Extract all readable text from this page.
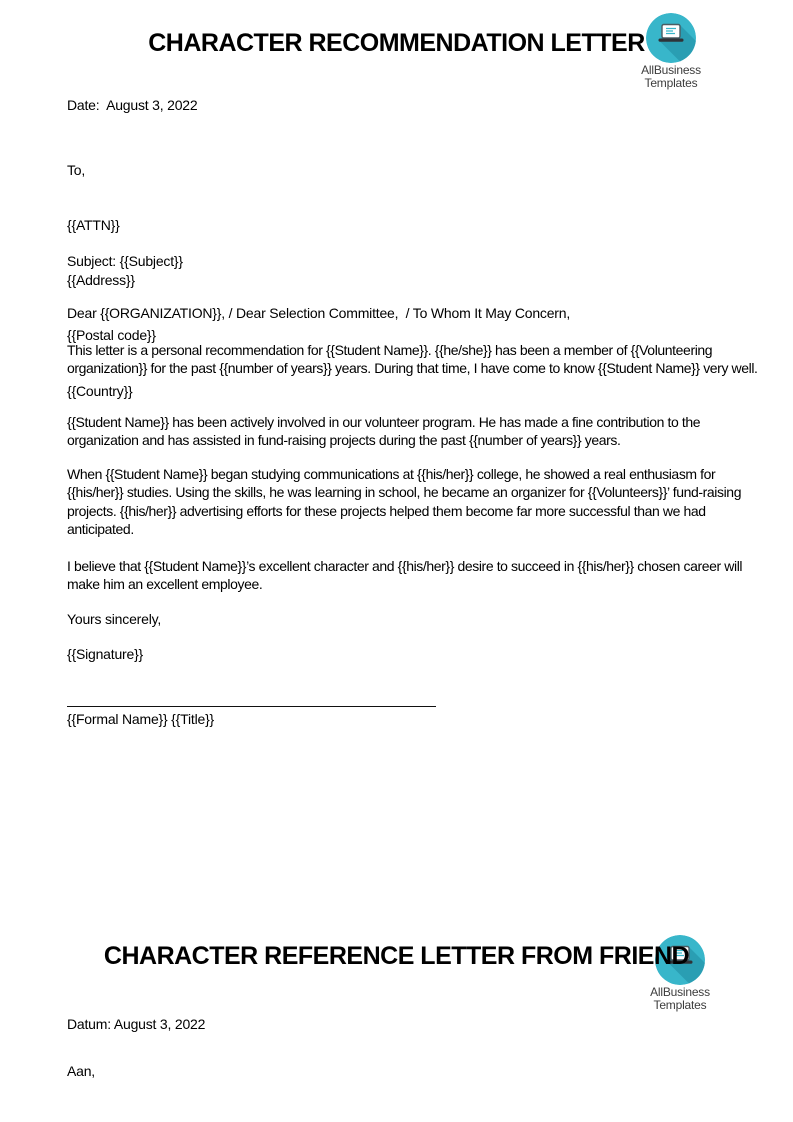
CHARACTER RECOMMENDATION LETTER
AllBusiness
Templates
Date:  August 3, 2022

To,

{{ATTN}}

{{Address}}

{{Postal code}}

{{Country}}

Subject: {{Subject}}
Dear {{ORGANIZATION}}, / Dear Selection Committee,  / To Whom It May Concern,
This letter is a personal recommendation for {{Student Name}}. {{he/she}} has been a member of {{Volunteering organization}} for the past {{number of years}} years. During that time, I have come to know {{Student Name}} very well.
{{Student Name}} has been actively involved in our volunteer program. He has made a fine contribution to the organization and has assisted in fund-raising projects during the past {{number of years}} years.
When {{Student Name}} began studying communications at {{his/her}} college, he showed a real enthusiasm for {{his/her}} studies. Using the skills, he was learning in school, he became an organizer for {{Volunteers}}’ fund-raising projects. {{his/her}} advertising efforts for these projects helped them become far more successful than we had anticipated.
I believe that {{Student Name}}’s excellent character and {{his/her}} desire to succeed in {{his/her}} chosen career will make him an excellent employee.
Yours sincerely,
{{Signature}}
{{Formal Name}} {{Title}}
CHARACTER REFERENCE LETTER FROM FRIEND
AllBusiness
Templates
Datum: August 3, 2022
Aan,
